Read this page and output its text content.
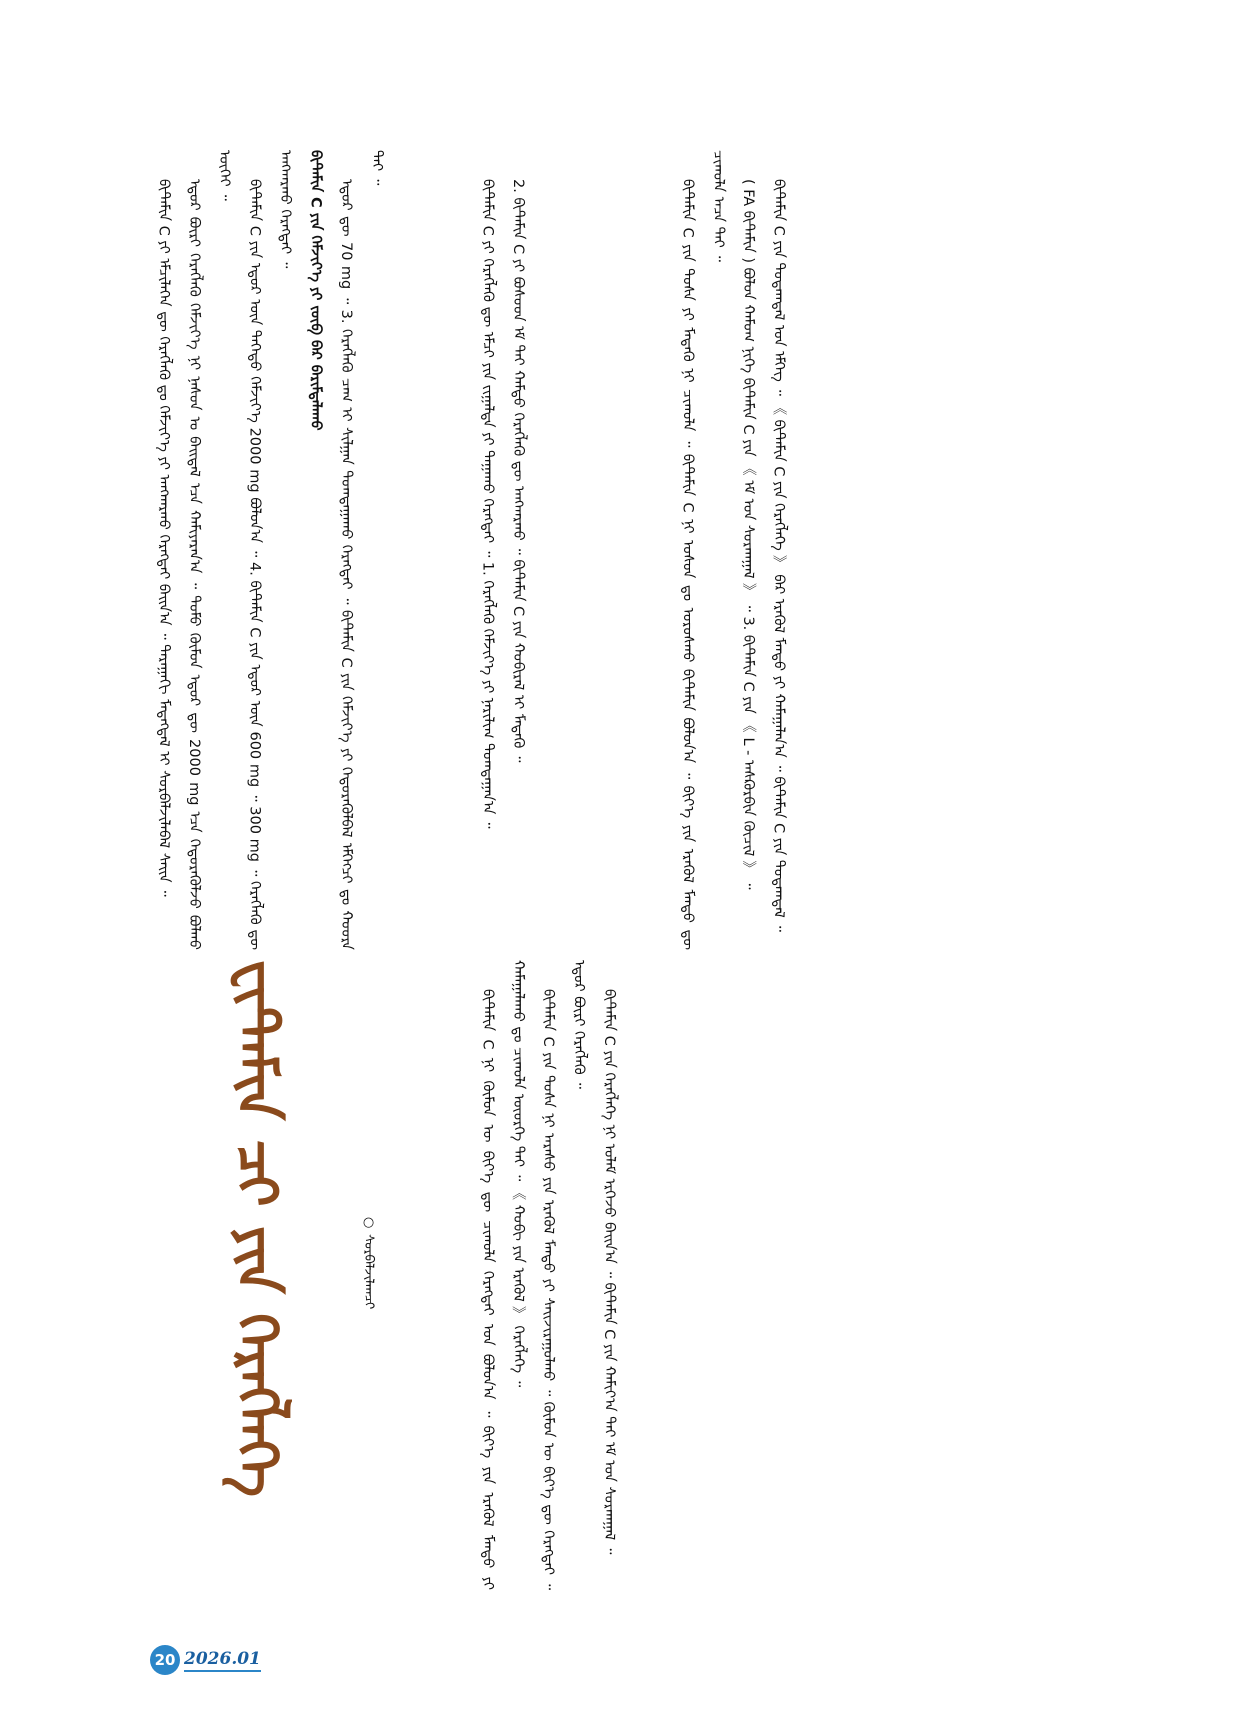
ᠪᠢᠲ᠋ᠠᠮᠢᠨ C ᠶᠢ ᠡᠮᠴᠢᠯᠡᠭᠡᠨ ᠳᠦ ᠬᠡᠷᠡᠭᠯᠡᠬᠦ ᠳᠤ ᠬᠡᠮᠵᠢᠶ᠎ᠡ ᠶᠢ ᠠᠨᠭᠬᠠᠷᠬᠤ ᠬᠡᠷᠡᠭᠲᠡᠢ ᠪᠠᠢᠨ᠎ᠠ ᠃ ᠳᠠᠷᠠᠭᠠᠬᠢ ᠮᠡᠳᠡᠭᠳᠡᠯ ᠢ ᠰᠤᠷᠪᠠᠯᠵᠢᠯᠠᠪᠠᠯ ᠰᠠᠢᠨ ᠃ ᠡᠳᠦᠷ ᠪᠦᠷᠢ ᠬᠡᠷᠡᠭᠯᠡᠬᠦ ᠬᠡᠮᠵᠢᠶ᠎ᠡ ᠨᠢ ᠨᠠᠰᠤᠨ ᠤ ᠪᠠᠢᠳᠠᠯ ᠡᠴᠡ ᠬᠠᠮᠢᠶᠠᠷᠠᠨ᠎ᠠ ᠃ ᠲᠤᠮᠤ ᠬᠦᠮᠦᠨ ᠡᠳᠦᠷ ᠳᠦ 2000 mg ᠡᠴᠡ ᠬᠡᠲᠦᠷᠡᠭᠦᠯᠵᠦ ᠪᠤᠯᠬᠤ ᠦᠭᠡᠢ ᠃

ᠪᠢᠲ᠋ᠠᠮᠢᠨ C ᠶᠢᠨ ᠡᠳᠦᠷ ᠦᠨ ᠳᠡᠭᠡᠳᠦ ᠬᠡᠮᠵᠢᠶ᠎ᠡ 2000 mg ᠪᠤᠯᠤᠨ᠎ᠠ ᠃ 4. ᠪᠢᠲ᠋ᠠᠮᠢᠨ C ᠶᠢᠨ ᠡᠳᠦᠷ ᠦᠨ 600 mg ᠃ 300 mg ᠃ ᠬᠡᠷᠡᠭᠯᠡᠬᠦ ᠳᠦ ᠠᠩᠬᠠᠷᠬᠤ ᠬᠡᠷᠡᠭᠲᠡᠢ ᠃ ᠪᠢᠲ᠋ᠠᠮᠢᠨ C ᠶᠢᠨ ᠬᠡᠮᠵᠢᠶ᠎ᠡ ᠶᠢ ᠵᠦᠪ ᠪᠠᠷ ᠪᠠᠷᠢᠮᠲᠠᠯᠠᠬᠤ ᠡᠳᠦᠷ ᠳᠦ 70 mg ᠃ 3. ᠬᠡᠷᠡᠭᠯᠡᠬᠦ ᠴᠠᠭ ᠢ ᠰᠢᠯᠭᠠᠨ ᠲᠣᠭᠲᠠᠭᠠᠬᠤ ᠬᠡᠷᠡᠭᠲᠡᠢ ᠃ ᠪᠢᠲ᠋ᠠᠮᠢᠨ C ᠶᠢᠨ ᠬᠡᠮᠵᠢᠶ᠎ᠡ ᠶᠢ ᠬᠡᠲᠦᠷᠡᠭᠦᠯᠪᠡᠯ ᠡᠮᠭᠡᠭᠴᠢ ᠳᠤ ᠬᠣᠣᠷᠠ ᠲᠠᠢ ᠃

ᠪᠢᠲ᠋ᠠᠮᠢᠨ C ᠶᠢ ᠬᠡᠷᠡᠭᠯᠡᠬᠦ ᠳᠦ ᠡᠮᠴᠢ ᠶᠢᠨ ᠵᠢᠭᠠᠯᠲᠠ ᠶᠢ ᠳᠠᠭᠠᠬᠤ ᠬᠡᠷᠡᠭᠲᠡᠢ ᠃ 1. ᠬᠡᠷᠡᠭᠯᠡᠬᠦ ᠬᠡᠮᠵᠢᠶ᠎ᠡ ᠶᠢ ᠨᠠᠷᠢᠯᠢᠭ ᠲᠣᠭᠲᠠᠭᠠᠨ᠎ᠠ ᠃ 2. ᠪᠢᠲ᠋ᠠᠮᠢᠨ C ᠶᠢ ᠪᠤᠰᠤᠳ ᠡᠮ ᠲᠡᠢ ᠬᠠᠮᠲᠤ ᠬᠡᠷᠡᠭᠯᠡᠬᠦ ᠳᠦ ᠠᠩᠬᠠᠷᠬᠤ ᠃ ᠪᠢᠲ᠋ᠠᠮᠢᠨ C ᠶᠢᠨ ᠬᠤᠪᠢᠷᠠᠯ ᠢ ᠮᠡᠳᠡᠬᠦ ᠃	ᠪᠢᠲ᠋ᠠᠮᠢᠨ C ᠶᠢᠨ ᠲᠤᠰᠠ ᠶᠢ ᠮᠡᠳᠡᠬᠦ ᠨᠢ ᠴᠢᠬᠤᠯᠠ ᠃ ᠪᠢᠲ᠋ᠠᠮᠢᠨ C ᠨᠢ ᠤᠰᠤᠨ ᠳᠤ ᠤᠷᠤᠰᠬᠤ ᠪᠢᠲ᠋ᠠᠮᠢᠨ ᠪᠣᠯᠤᠨ᠎ᠠ ᠃ ᠪᠢᠶ᠎ᠡ ᠶᠢᠨ ᠡᠷᠡᠭᠦᠯ ᠮᠡᠨᠳᠦ ᠳᠦ ᠴᠢᠬᠤᠯᠠ ᠠᠴᠠ ᠲᠠᠢ ᠃ ( FA ᠪᠢᠲ᠋ᠠᠮᠢᠨ ) ᠪᠣᠯᠤᠨ ᠬᠠᠮᠤᠭ ᠨᠢᠭᠡ ᠪᠢᠲ᠋ᠠᠮᠢᠨ C ᠶᠢᠨ 《 ᠡᠮ ᠤᠨ ᠰᠤᠷᠬᠠᠭᠠᠯ 》 ᠃ 3. ᠪᠢᠲ᠋ᠠᠮᠢᠨ C ᠶᠢᠨ 《 L - ᠠᠰᠺᠣᠷᠪᠢᠨ ᠬᠦᠴᠢᠯ 》 ᠃ ᠪᠢᠲ᠋ᠠᠮᠢᠨ C ᠶᠢᠨ ᠳᠤᠲᠠᠭᠳᠠᠯ ᠤᠨ ᠡᠮᠭᠡᠭ ᠃ 《 ᠪᠢᠲ᠋ᠠᠮᠢᠨ C ᠶᠢᠨ ᠬᠡᠷᠡᠭᠯᠡᠭᠡ 》 ᠪᠡᠷ ᠡᠷᠡᠭᠦᠯ ᠮᠡᠨᠳᠦ ᠶᠢ ᠬᠠᠮᠠᠭᠠᠯᠠᠨ᠎ᠠ ᠃ ᠪᠢᠲ᠋ᠠᠮᠢᠨ C ᠶᠢᠨ ᠳᠤᠲᠠᠭᠳᠠᠯ ᠃

ᠪᠢᠲ᠋ᠠᠮᠢᠨ C ᠨᠢ ᠬᠦᠮᠦᠨ ᠦ ᠪᠢᠶ᠎ᠡ ᠳᠦ ᠴᠢᠬᠤᠯᠠ ᠬᠡᠷᠡᠭᠲᠡᠢ ᠡᠳ ᠪᠣᠯᠤᠨ᠎ᠠ ᠃ ᠪᠢᠶ᠎ᠡ ᠶᠢᠨ ᠡᠷᠡᠭᠦᠯ ᠮᠡᠨᠳᠦ ᠶᠢ ᠬᠠᠮᠠᠭᠠᠯᠠᠬᠤ ᠳᠤ ᠴᠢᠬᠤᠯᠠ ᠦᠦᠷᠭᠡ ᠲᠠᠢ ᠃ 《 ᠬᠤᠪᠢ ᠶᠢᠨ ᠡᠷᠡᠭᠦᠯ 》 ᠬᠡᠷᠡᠭᠯᠡᠭᠡ ᠃ ᠪᠢᠲ᠋ᠠᠮᠢᠨ C ᠶᠢᠨ ᠲᠤᠰᠠ ᠨᠢ ᠠᠷᠠᠰᠤ ᠶᠢᠨ ᠡᠷᠡᠭᠦᠯ ᠮᠡᠨᠳᠦ ᠶᠢ ᠰᠠᠢᠵᠢᠷᠠᠭᠤᠯᠬᠤ ᠃ ᠬᠦᠮᠦᠨ ᠦ ᠪᠢᠶ᠎ᠡ ᠳᠦ ᠬᠡᠷᠡᠭᠲᠡᠢ ᠃ ᠡᠳᠦᠷ ᠪᠦᠷᠢ ᠬᠡᠷᠡᠭᠯᠡᠬᠦ ᠃ ᠪᠢᠲ᠋ᠠᠮᠢᠨ C ᠶᠢᠨ ᠬᠡᠷᠡᠭᠯᠡᠭᠡ ᠨᠢ ᠤᠯᠠᠮ ᠡᠷᠭᠡᠵᠦ ᠪᠠᠢᠨ᠎ᠠ ᠃ ᠪᠢᠲ᠋ᠠᠮᠢᠨ C ᠶᠢᠨ ᠬᠠᠮᠢᠶ᠎ᠠ ᠲᠠᠢ ᠡᠮ ᠤᠨ ᠰᠤᠷᠬᠠᠭᠠᠯ ᠃

ᠸᠢᠲ᠋ᠠᠮᠢᠨ ᠴᠢ ᠶᠢᠨ ᠬᠡᠷᠡᠭᠯᠡᠭᠡ	○ ᠰᠤᠷᠪᠠᠯᠵᠢᠯᠠᠭᠴᠢ
20 2026.01
